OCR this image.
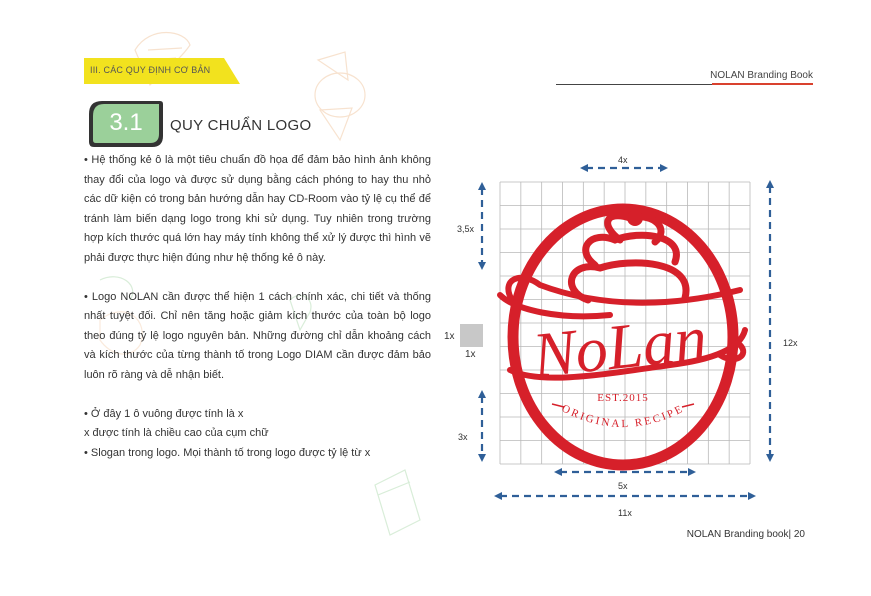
III. CÁC QUY ĐỊNH CƠ BẢN	NOLAN Branding Book
3.1	QUY CHUẨN LOGO

• Hệ thống kẻ ô là một tiêu chuẩn đồ họa để đảm bảo hình ảnh không thay đổi của logo và được sử dụng bằng cách phóng to hay thu nhỏ các dữ kiện có trong bản hướng dẫn hay CD-Room vào tỷ lệ cụ thể để tránh làm biến dạng logo trong khi sử dụng. Tuy nhiên trong trường hợp kích thước quá lớn hay máy tính không thể xử lý được thì hình vẽ phải được thực hiện đúng như hệ thống kẻ ô này.

• Logo NOLAN cần được thể hiện 1 cách chính xác, chi tiết và thống nhất tuyệt đối. Chỉ nên tăng hoặc giảm kích thước của toàn bộ logo theo đúng tỷ lệ logo nguyên bản. Những đường chỉ dẫn khoảng cách và kích thước của từng thành tố trong Logo DIAM cần được đảm bảo luôn rõ ràng và dễ nhận biết.

• Ở đây 1 ô vuông được tính là x

x được tính là chiều cao của cụm chữ

• Slogan trong logo. Mọi thành tố trong logo được tỷ lệ từ x

NoLan
EST.2015
ORIGINAL RECIPE
4x
3,5x
3x
12x
5x
11x
1x
1x
NOLAN Branding book| 20
